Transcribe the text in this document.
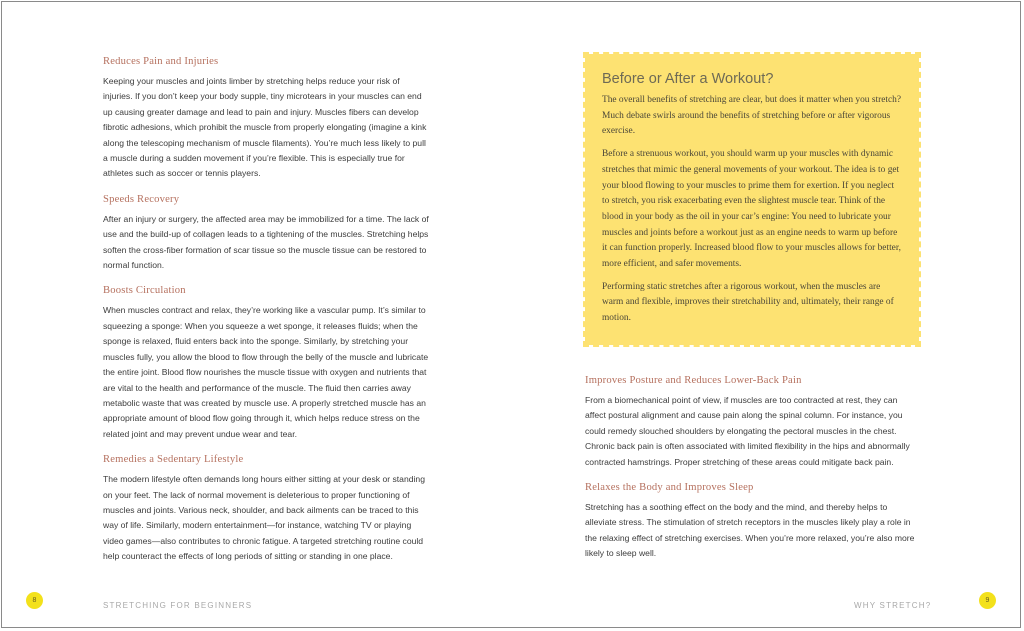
Reduces Pain and Injuries

Keeping your muscles and joints limber by stretching helps reduce your risk of injuries. If you don’t keep your body supple, tiny microtears in your muscles can end up causing greater damage and lead to pain and injury. Muscles fibers can develop fibrotic adhesions, which prohibit the muscle from properly elongating (imagine a kink along the telescoping mechanism of muscle filaments). You’re much less likely to pull a muscle during a sudden movement if you’re flexible. This is especially true for athletes such as soccer or tennis players.

Speeds Recovery

After an injury or surgery, the affected area may be immobilized for a time. The lack of use and the build-up of collagen leads to a tightening of the muscles. Stretching helps soften the cross-fiber formation of scar tissue so the muscle tissue can be restored to normal function.

Boosts Circulation

When muscles contract and relax, they’re working like a vascular pump. It’s similar to squeezing a sponge: When you squeeze a wet sponge, it releases fluids; when the sponge is relaxed, fluid enters back into the sponge. Similarly, by stretching your muscles fully, you allow the blood to flow through the belly of the muscle and lubricate the entire joint. Blood flow nourishes the muscle tissue with oxygen and nutrients that are vital to the health and performance of the muscle. The fluid then carries away metabolic waste that was created by muscle use. A properly stretched muscle has an appropriate amount of blood flow going through it, which helps reduce stress on the related joint and may prevent undue wear and tear.

Remedies a Sedentary Lifestyle

The modern lifestyle often demands long hours either sitting at your desk or standing on your feet. The lack of normal movement is deleterious to proper functioning of muscles and joints. Various neck, shoulder, and back ailments can be traced to this way of life. Similarly, modern entertainment—for instance, watching TV or playing video games—also contributes to chronic fatigue. A targeted stretching routine could help counteract the effects of long periods of sitting or standing in one place.

Before or After a Workout?

The overall benefits of stretching are clear, but does it matter when you stretch? Much debate swirls around the benefits of stretching before or after vigorous exercise.

Before a strenuous workout, you should warm up your muscles with dynamic stretches that mimic the general movements of your workout. The idea is to get your blood flowing to your muscles to prime them for exertion. If you neglect to stretch, you risk exacerbating even the slightest muscle tear. Think of the blood in your body as the oil in your car’s engine: You need to lubricate your muscles and joints before a workout just as an engine needs to warm up before it can function properly. Increased blood flow to your muscles allows for better, more efficient, and safer movements.

Performing static stretches after a rigorous workout, when the muscles are warm and flexible, improves their stretchability and, ultimately, their range of motion.

Improves Posture and Reduces Lower-Back Pain

From a biomechanical point of view, if muscles are too contracted at rest, they can affect postural alignment and cause pain along the spinal column. For instance, you could remedy slouched shoulders by elongating the pectoral muscles in the chest. Chronic back pain is often associated with limited flexibility in the hips and abnormally contracted hamstrings. Proper stretching of these areas could mitigate back pain.

Relaxes the Body and Improves Sleep

Stretching has a soothing effect on the body and the mind, and thereby helps to alleviate stress. The stimulation of stretch receptors in the muscles likely play a role in the relaxing effect of stretching exercises. When you’re more relaxed, you’re also more likely to sleep well.

8
STRETCHING FOR BEGINNERS	WHY STRETCH?
9
